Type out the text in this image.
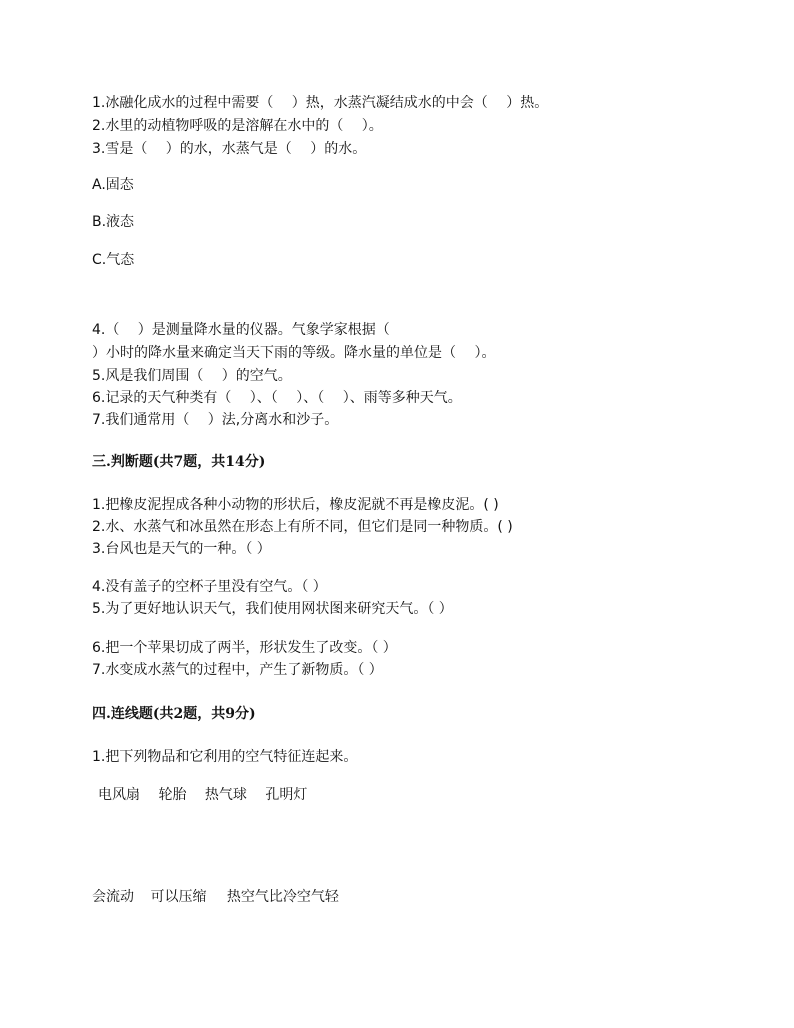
1.冰融化成水的过程中需要（　 ）热，水蒸汽凝结成水的中会（　 ）热。
2.水里的动植物呼吸的是溶解在水中的（　 ）。
3.雪是（　 ）的水，水蒸气是（　 ）的水。
A.固态
B.液态
C.气态
4.（　 ）是测量降水量的仪器。气象学家根据（
）小时的降水量来确定当天下雨的等级。降水量的单位是（　 ）。
5.风是我们周围（　 ）的空气。
6.记录的天气种类有（　 ）、（　 ）、（　 ）、雨等多种天气。
7.我们通常用（　 ）法,分离水和沙子。
三.判断题(共7题，共14分)
1.把橡皮泥捏成各种小动物的形状后，橡皮泥就不再是橡皮泥。( )
2.水、水蒸气和冰虽然在形态上有所不同，但它们是同一种物质。( )
3.台风也是天气的一种。（ ）
4.没有盖子的空杯子里没有空气。（ ）
5.为了更好地认识天气，我们使用网状图来研究天气。（ ）
6.把一个苹果切成了两半，形状发生了改变。（ ）
7.水变成水蒸气的过程中，产生了新物质。（ ）
四.连线题(共2题，共9分)
1.把下列物品和它利用的空气特征连起来。
电风扇 轮胎 热气球 孔明灯
会流动 可以压缩 热空气比冷空气轻
